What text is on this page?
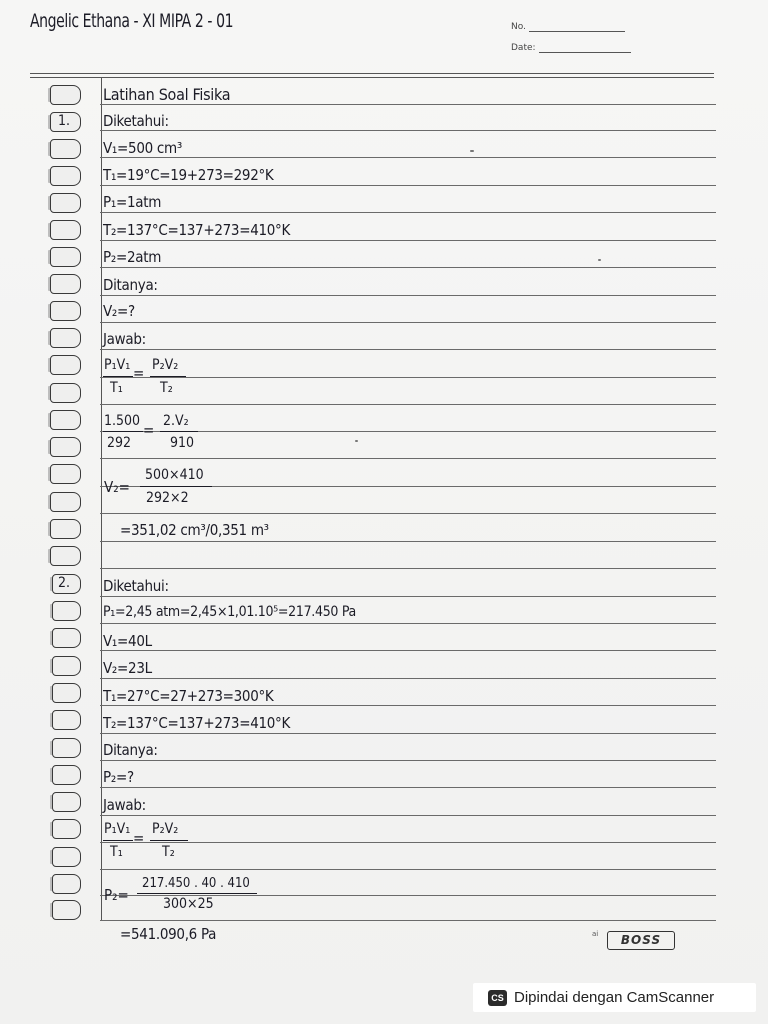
Angelic Ethana - XI MIPA 2 - 01	No.
Date:
1.
2.
Latihan Soal Fisika
Diketahui:
V₁=500 cm³
T₁=19°C=19+273=292°K
P₁=1atm
T₂=137°C=137+273=410°K
P₂=2atm
Ditanya:
V₂=?
Jawab:
P₁V₁
T₁
= P₂V₂
T₂
1.500
292
= 2.V₂
910
V₂=
500×410
292×2
=351,02 cm³/0,351 m³
Diketahui:
P₁=2,45 atm=2,45×1,01.10⁵=217.450 Pa
V₁=40L
V₂=23L
T₁=27°C=27+273=300°K
T₂=137°C=137+273=410°K
Ditanya:
P₂=?
Jawab:
P₁V₁
T₁
= P₂V₂
T₂
P₂=
217.450 . 40 . 410
300×25
=541.090,6 Pa	ai	BOSS
CS Dipindai dengan CamScanner
